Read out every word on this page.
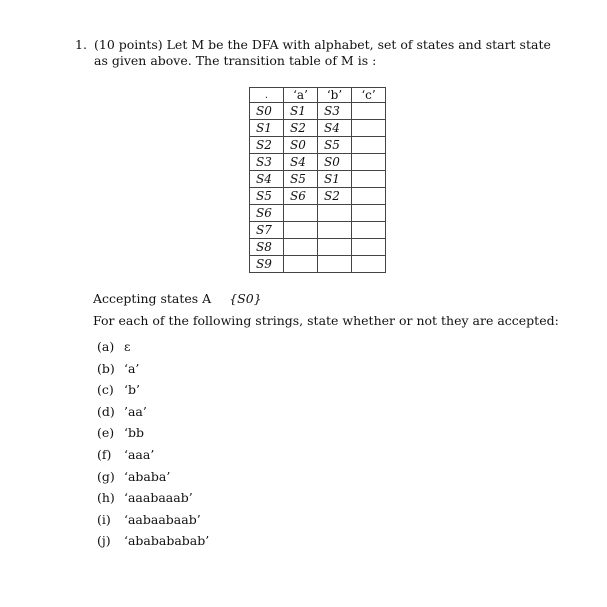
1. (10 points) Let M be the DFA with alphabet, set of states and start state
as given above. The transition table of M is :
.	‘a’	‘b’	‘c’
S0	S1	S3	
S1	S2	S4	
S2	S0	S5	
S3	S4	S0	
S4	S5	S1	
S5	S6	S2	
S6			
S7			
S8			
S9			
Accepting states A {S0}
For each of the following strings, state whether or not they are accepted:
(a) ε
(b) ‘a’
(c) ‘b’
(d) ’aa’
(e) ‘bb
(f) ‘aaa’
(g) ‘ababa’
(h) ‘aaabaaab’
(i) ‘aabaabaab’
(j) ‘ababababab’
